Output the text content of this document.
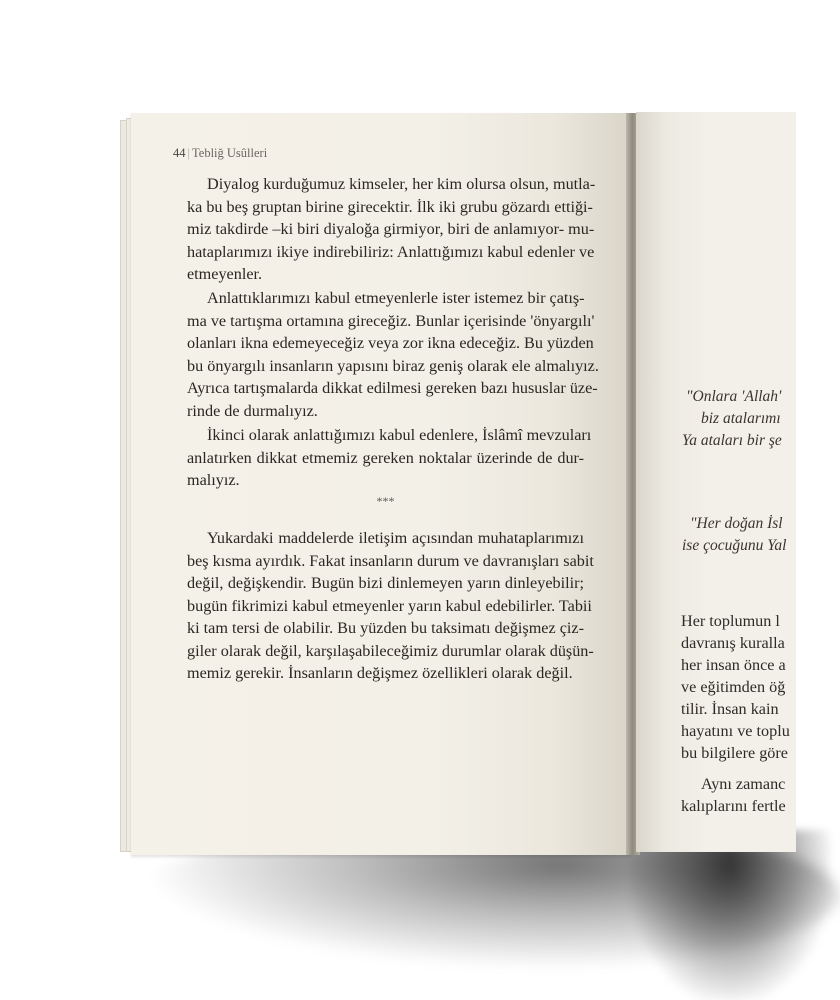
44 | Tebliğ Usûlleri
Diyalog kurduğumuz kimseler, her kim olursa olsun, mutla-
ka bu beş gruptan birine girecektir. İlk iki grubu gözardı ettiği-
miz takdirde –ki biri diyaloğa girmiyor, biri de anlamıyor- mu-
hataplarımızı ikiye indirebiliriz: Anlattığımızı kabul edenler ve
etmeyenler.
Anlattıklarımızı kabul etmeyenlerle ister istemez bir çatış-
ma ve tartışma ortamına gireceğiz. Bunlar içerisinde 'önyargılı'
olanları ikna edemeyeceğiz veya zor ikna edeceğiz. Bu yüzden
bu önyargılı insanların yapısını biraz geniş olarak ele almalıyız.
Ayrıca tartışmalarda dikkat edilmesi gereken bazı hususlar üze-
rinde de durmalıyız.
İkinci olarak anlattığımızı kabul edenlere, İslâmî mevzuları
anlatırken dikkat etmemiz gereken noktalar üzerinde de dur-
malıyız.
***
Yukardaki maddelerde iletişim açısından muhataplarımızı
beş kısma ayırdık. Fakat insanların durum ve davranışları sabit
değil, değişkendir. Bugün bizi dinlemeyen yarın dinleyebilir;
bugün fikrimizi kabul etmeyenler yarın kabul edebilirler. Tabii
ki tam tersi de olabilir. Bu yüzden bu taksimatı değişmez çiz-
giler olarak değil, karşılaşabileceğimiz durumlar olarak düşün-
memiz gerekir. İnsanların değişmez özellikleri olarak değil.
"Onlara 'Allah'
biz atalarımı
Ya ataları bir şe
"Her doğan İsl
ise çocuğunu Yal
Her toplumun l
davranış kuralla
her insan önce a
ve eğitimden öğ
tilir. İnsan kain
hayatını ve toplu
bu bilgilere göre
Aynı zamanc
kalıplarını fertle
